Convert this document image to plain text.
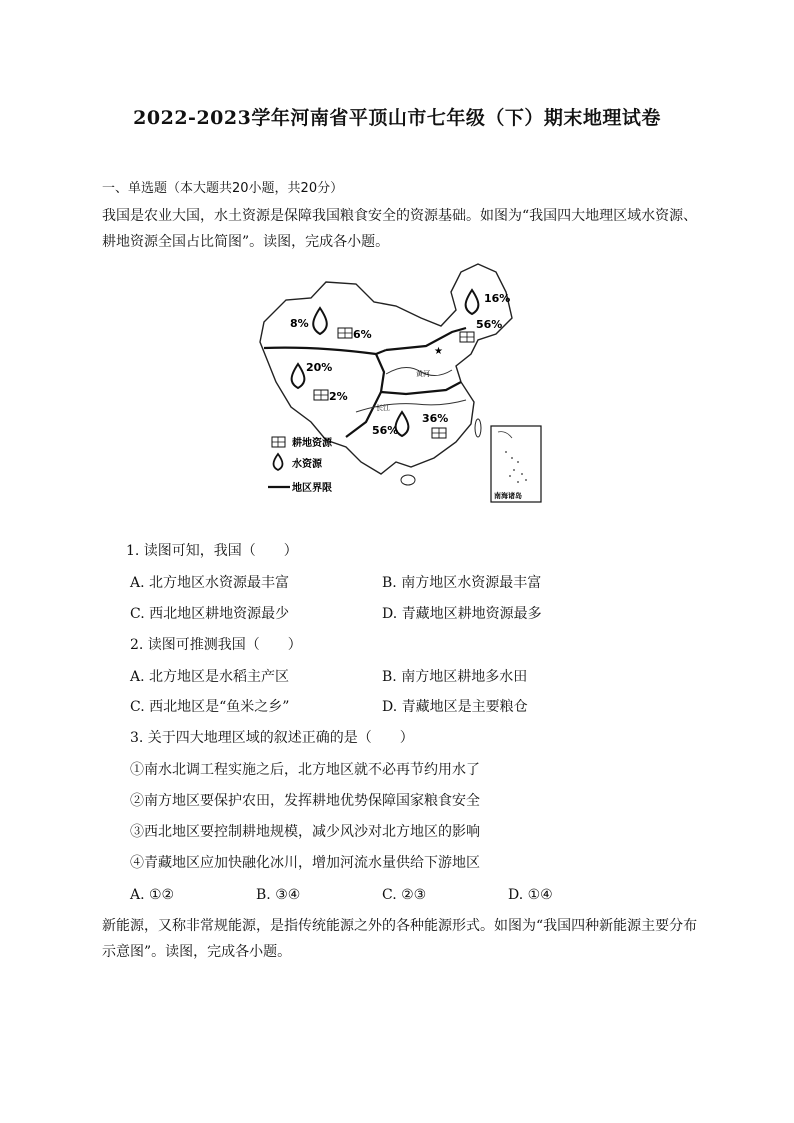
2022-2023学年河南省平顶山市七年级（下）期末地理试卷
一、单选题（本大题共20小题，共20分）
我国是农业大国，水土资源是保障我国粮食安全的资源基础。如图为“我国四大地理区域水资源、耕地资源全国占比简图”。读图，完成各小题。
★
8%
6%
20%
2%
16%
56%
56%
36%
黄河
长江
耕地资源
水资源
地区界限
南海诸岛
1. 读图可知，我国（　　）
A. 北方地区水资源最丰富	B. 南方地区水资源最丰富
C. 西北地区耕地资源最少	D. 青藏地区耕地资源最多
2. 读图可推测我国（　　）
A. 北方地区是水稻主产区	B. 南方地区耕地多水田
C. 西北地区是“鱼米之乡”	D. 青藏地区是主要粮仓
3. 关于四大地理区域的叙述正确的是（　　）
①南水北调工程实施之后，北方地区就不必再节约用水了
②南方地区要保护农田，发挥耕地优势保障国家粮食安全
③西北地区要控制耕地规模，减少风沙对北方地区的影响
④青藏地区应加快融化冰川，增加河流水量供给下游地区
A. ①②	B. ③④	C. ②③	D. ①④
新能源，又称非常规能源，是指传统能源之外的各种能源形式。如图为“我国四种新能源主要分布示意图”。读图，完成各小题。
